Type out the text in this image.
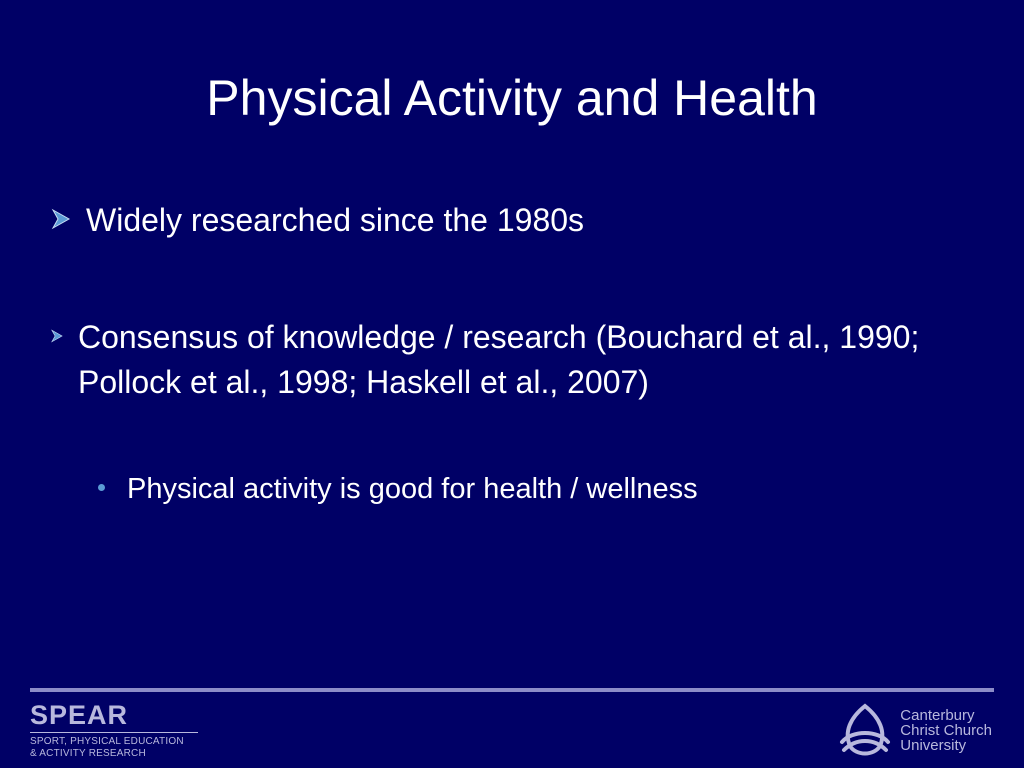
Physical Activity and Health
Widely researched since the 1980s
Consensus of knowledge / research (Bouchard et al., 1990; Pollock et al., 1998; Haskell et al., 2007)
Physical activity is good for health / wellness
SPEAR
SPORT, PHYSICAL EDUCATION
& ACTIVITY RESEARCH
Canterbury
Christ Church
University
